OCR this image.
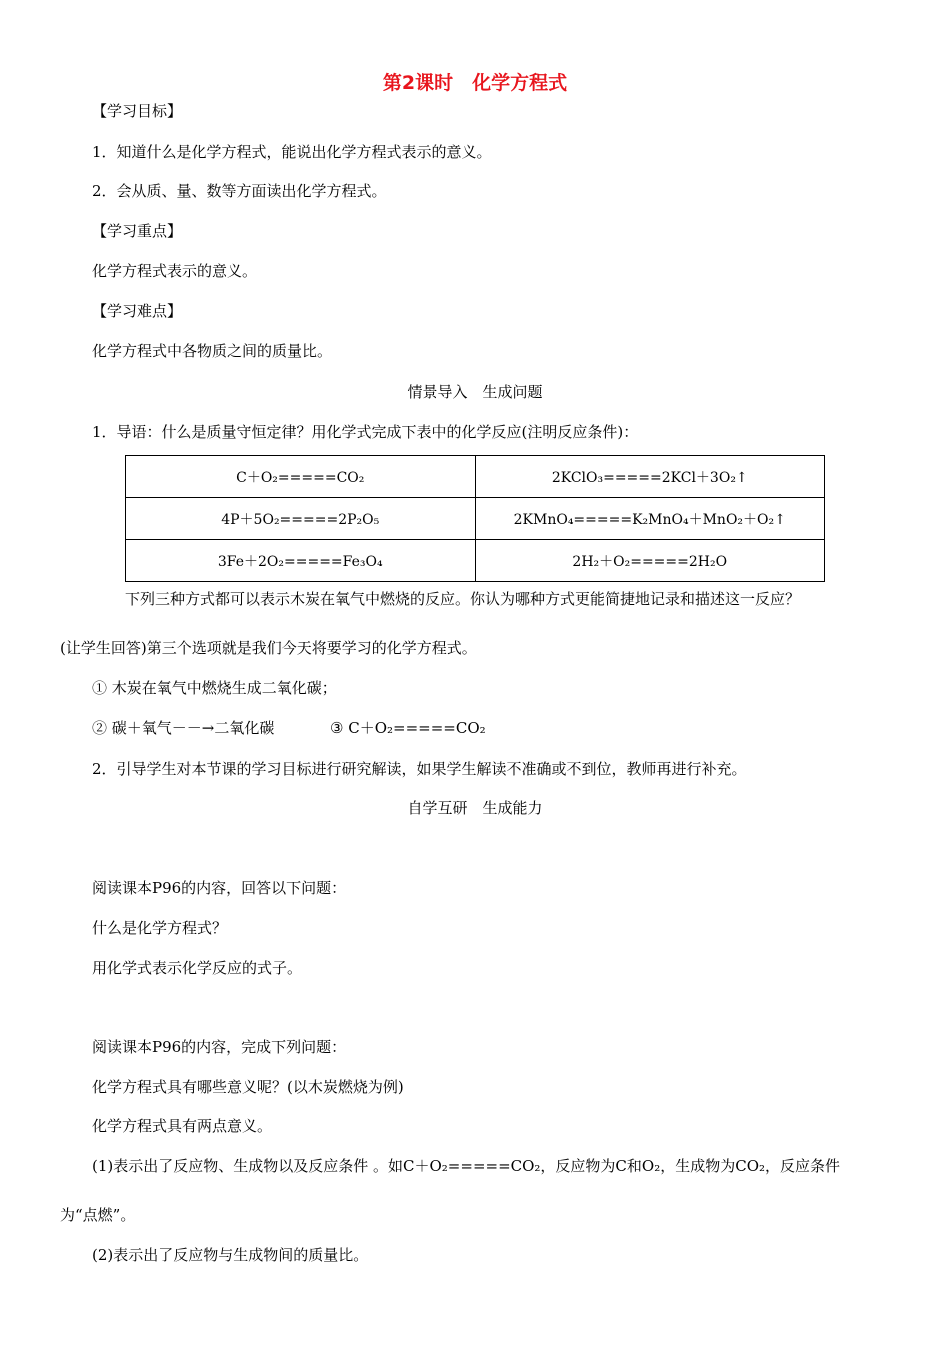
第2课时　化学方程式
【学习目标】
1．知道什么是化学方程式，能说出化学方程式表示的意义。
2．会从质、量、数等方面读出化学方程式。
【学习重点】
化学方程式表示的意义。
【学习难点】
化学方程式中各物质之间的质量比。
情景导入　生成问题
1．导语：什么是质量守恒定律？用化学式完成下表中的化学反应(注明反应条件)：
C＋O₂=====CO₂	2KClO₃=====2KCl＋3O₂↑
4P＋5O₂=====2P₂O₅	2KMnO₄=====K₂MnO₄＋MnO₂＋O₂↑
3Fe＋2O₂=====Fe₃O₄	2H₂＋O₂=====2H₂O
下列三种方式都可以表示木炭在氧气中燃烧的反应。你认为哪种方式更能简捷地记录和描述这一反应？
(让学生回答)第三个选项就是我们今天将要学习的化学方程式。
① 木炭在氧气中燃烧生成二氧化碳；
② 碳＋氧气－－→二氧化碳	③ C＋O₂=====CO₂
2．引导学生对本节课的学习目标进行研究解读，如果学生解读不准确或不到位，教师再进行补充。
自学互研　生成能力
阅读课本P96的内容，回答以下问题：
什么是化学方程式？
用化学式表示化学反应的式子。
阅读课本P96的内容，完成下列问题：
化学方程式具有哪些意义呢？(以木炭燃烧为例)
化学方程式具有两点意义。
(1)表示出了反应物、生成物以及反应条件 。如C＋O₂=====CO₂，反应物为C和O₂，生成物为CO₂，反应条件
为“点燃”。
(2)表示出了反应物与生成物间的质量比。
